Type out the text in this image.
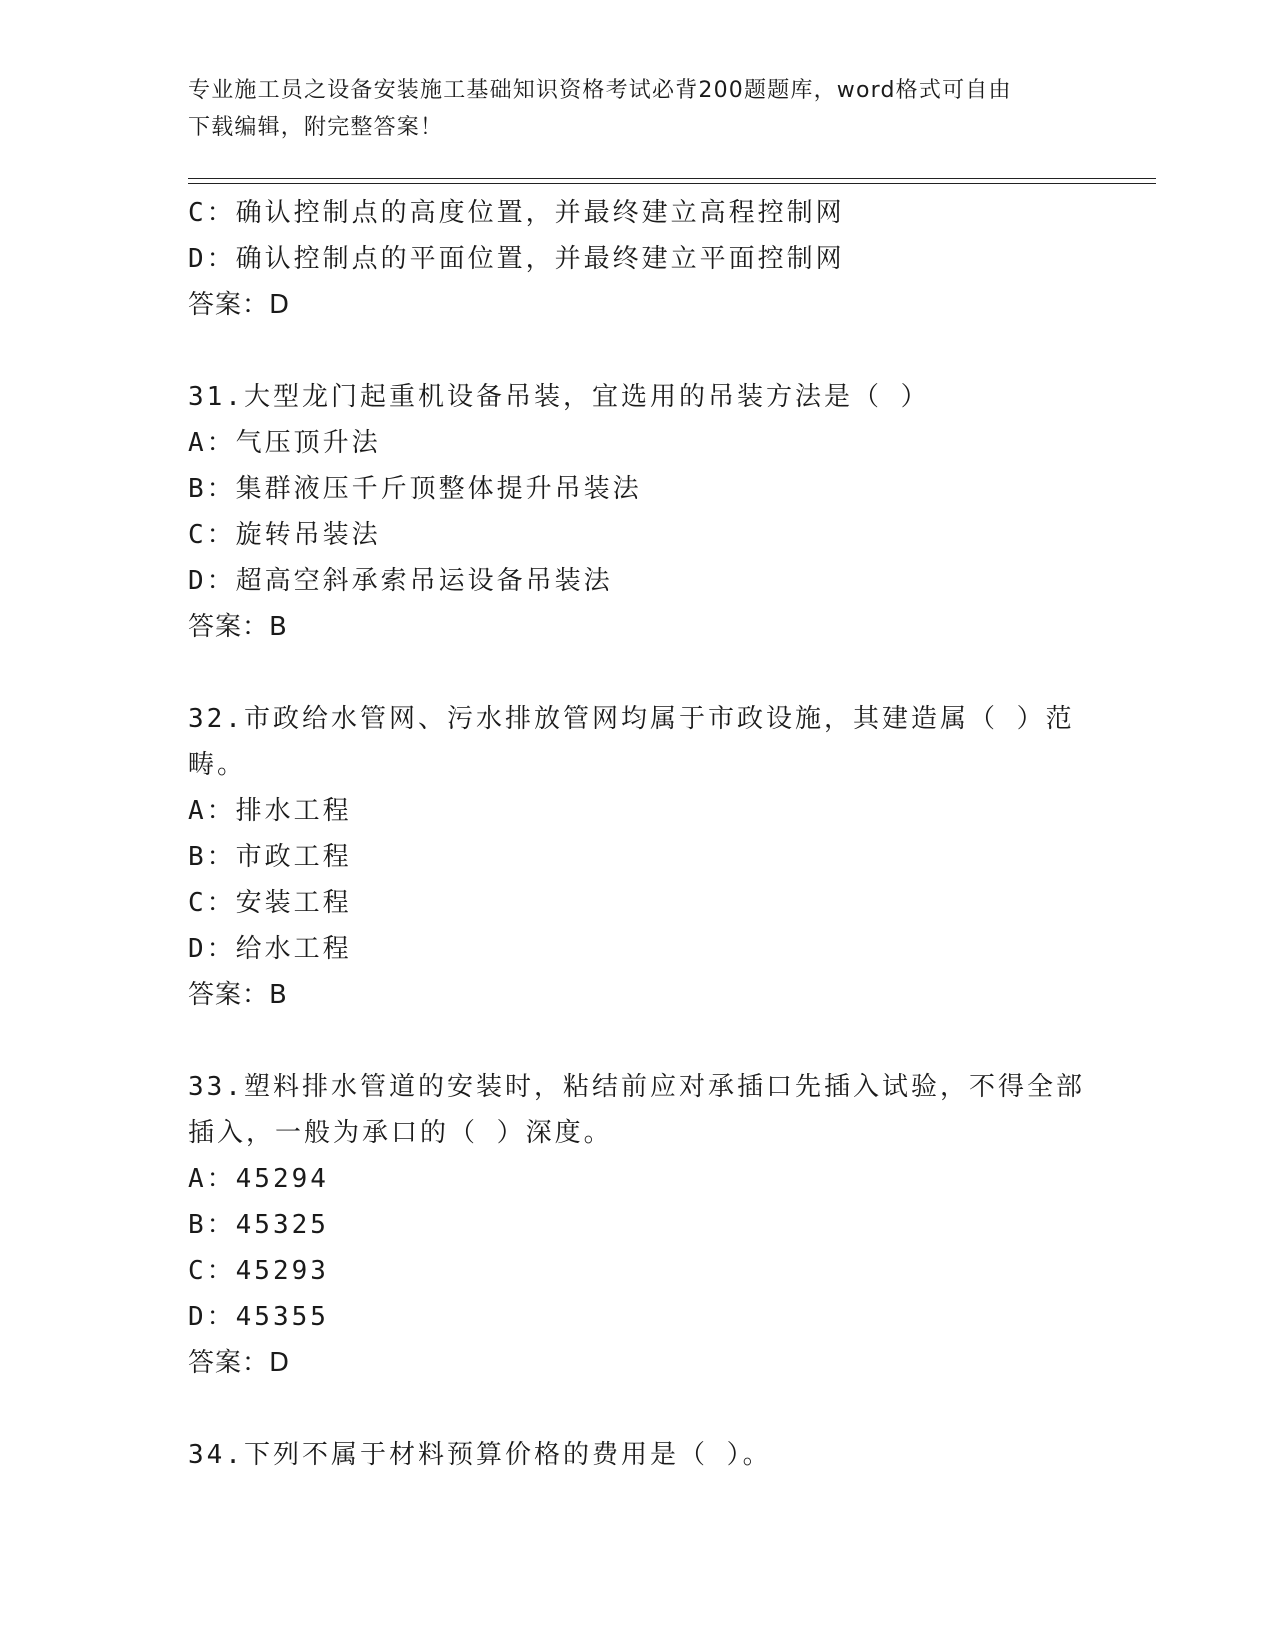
专业施工员之设备安装施工基础知识资格考试必背200题题库，word格式可自由
下载编辑，附完整答案！
C：确认控制点的高度位置，并最终建立高程控制网
D：确认控制点的平面位置，并最终建立平面控制网
答案：D
31.大型龙门起重机设备吊装，宜选用的吊装方法是（ ）
A：气压顶升法
B：集群液压千斤顶整体提升吊装法
C：旋转吊装法
D：超高空斜承索吊运设备吊装法
答案：B
32.市政给水管网、污水排放管网均属于市政设施，其建造属（ ）范
畴。
A：排水工程
B：市政工程
C：安装工程
D：给水工程
答案：B
33.塑料排水管道的安装时，粘结前应对承插口先插入试验，不得全部
插入，一般为承口的（ ）深度。
A：45294
B：45325
C：45293
D：45355
答案：D
34.下列不属于材料预算价格的费用是（ ）。
